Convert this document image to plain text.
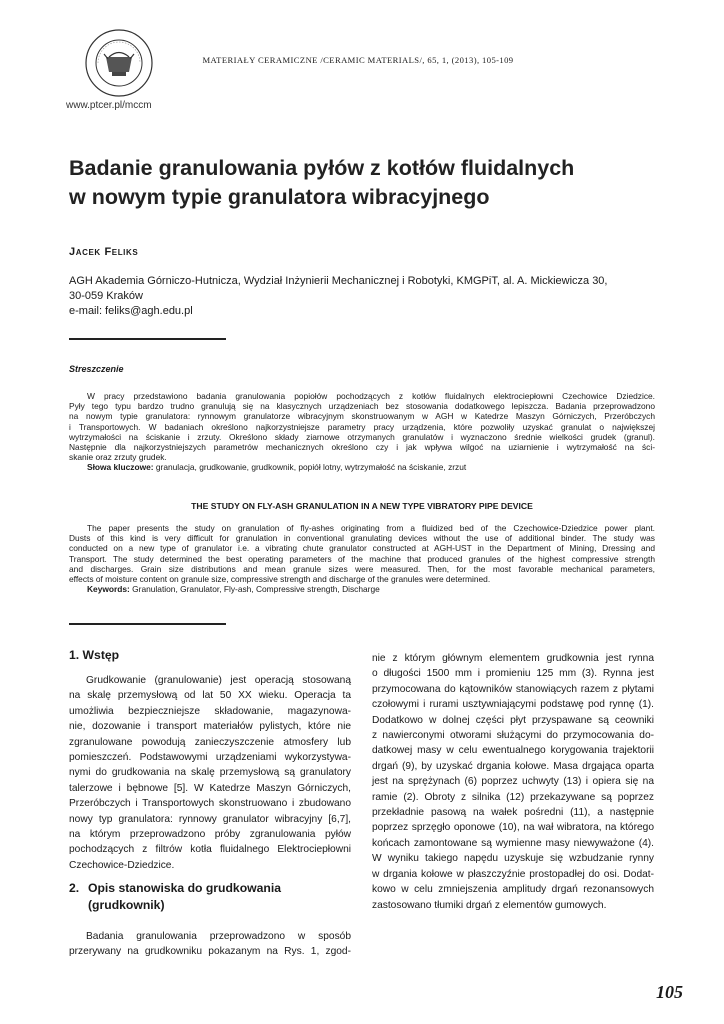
www.ptcer.pl/mccm
MATERIAŁY CERAMICZNE /CERAMIC MATERIALS/, 65, 1, (2013), 105-109
Badanie granulowania pyłów z kotłów fluidalnych
w nowym typie granulatora wibracyjnego
Jacek Feliks
AGH Akademia Górniczo-Hutnicza, Wydział Inżynierii Mechanicznej i Robotyki, KMGPiT, al. A. Mickiewicza 30,
30-059 Kraków
e-mail: feliks@agh.edu.pl
Streszczenie
W pracy przedstawiono badania granulowania popiołów pochodzących z kotłów fluidalnych elektrociepłowni Czechowice Dziedzice.
Pyły tego typu bardzo trudno granulują się na klasycznych urządzeniach bez stosowania dodatkowego lepiszcza. Badania przeprowadzono
na nowym typie granulatora: rynnowym granulatorze wibracyjnym skonstruowanym w AGH w Katedrze Maszyn Górniczych, Przeróbczych
i Transportowych. W badaniach określono najkorzystniejsze parametry pracy urządzenia, które pozwoliły uzyskać granulat o największej
wytrzymałości na ściskanie i zrzuty. Określono składy ziarnowe otrzymanych granulatów i wyznaczono średnie wielkości grudek (granul).
Następnie dla najkorzystniejszych parametrów mechanicznych określono czy i jak wpływa wilgoć na uziarnienie i wytrzymałość na ści-
skanie oraz zrzuty grudek.
Słowa kluczowe: granulacja, grudkowanie, grudkownik, popiół lotny, wytrzymałość na ściskanie, zrzut
THE STUDY ON FLY-ASH GRANULATION IN A NEW TYPE VIBRATORY PIPE DEVICE
The paper presents the study on granulation of fly-ashes originating from a fluidized bed of the Czechowice-Dziedzice power plant.
Dusts of this kind is very difficult for granulation in conventional granulating devices without the use of additional binder. The study was
conducted on a new type of granulator i.e. a vibrating chute granulator constructed at AGH-UST in the Department of Mining, Dressing and
Transport. The study determined the best operating parameters of the machine that produced granules of the highest compressive strength
and discharges. Grain size distributions and mean granule sizes were measured. Then, for the most favorable mechanical parameters,
effects of moisture content on granule size, compressive strength and discharge of the granules were determined.
Keywords: Granulation, Granulator, Fly-ash, Compressive strength, Discharge
1. Wstęp
Grudkowanie (granulowanie) jest operacją stosowaną
na skalę przemysłową od lat 50 XX wieku. Operacja ta
umożliwia bezpieczniejsze składowanie, magazynowa-
nie, dozowanie i transport materiałów pylistych, które nie
zgranulowane powodują zanieczyszczenie atmosfery lub
pomieszczeń. Podstawowymi urządzeniami wykorzystywa-
nymi do grudkowania na skalę przemysłową są granulatory
talerzowe i bębnowe [5]. W Katedrze Maszyn Górniczych,
Przeróbczych i Transportowych skonstruowano i zbudowano
nowy typ granulatora: rynnowy granulator wibracyjny [6,7],
na którym przeprowadzono próby zgranulowania pyłów
pochodzących z filtrów kotła fluidalnego Elektrociepłowni
Czechowice-Dziedzice.
2. Opis stanowiska do grudkowania
(grudkownik)
Badania granulowania przeprowadzono w sposób
przerywany na grudkowniku pokazanym na Rys. 1, zgod-
nie z którym głównym elementem grudkownia jest rynna
o długości 1500 mm i promieniu 125 mm (3). Rynna jest
przymocowana do kątowników stanowiących razem z płytami
czołowymi i rurami usztywniającymi podstawę pod rynnę (1).
Dodatkowo w dolnej części płyt przyspawane są ceowniki
z nawierconymi otworami służącymi do przymocowania do-
datkowej masy w celu ewentualnego korygowania trajektorii
drgań (9), by uzyskać drgania kołowe. Masa drgająca oparta
jest na sprężynach (6) poprzez uchwyty (13) i opiera się na
ramie (2). Obroty z silnika (12) przekazywane są poprzez
przekładnie pasową na wałek pośredni (11), a następnie
poprzez sprzęgło oponowe (10), na wał wibratora, na którego
końcach zamontowane są wymienne masy niewyważone (4).
W wyniku takiego napędu uzyskuje się wzbudzanie rynny
w drgania kołowe w płaszczyźnie prostopadłej do osi. Dodat-
kowo w celu zmniejszenia amplitudy drgań rezonansowych
zastosowano tłumiki drgań z elementów gumowych.
105
